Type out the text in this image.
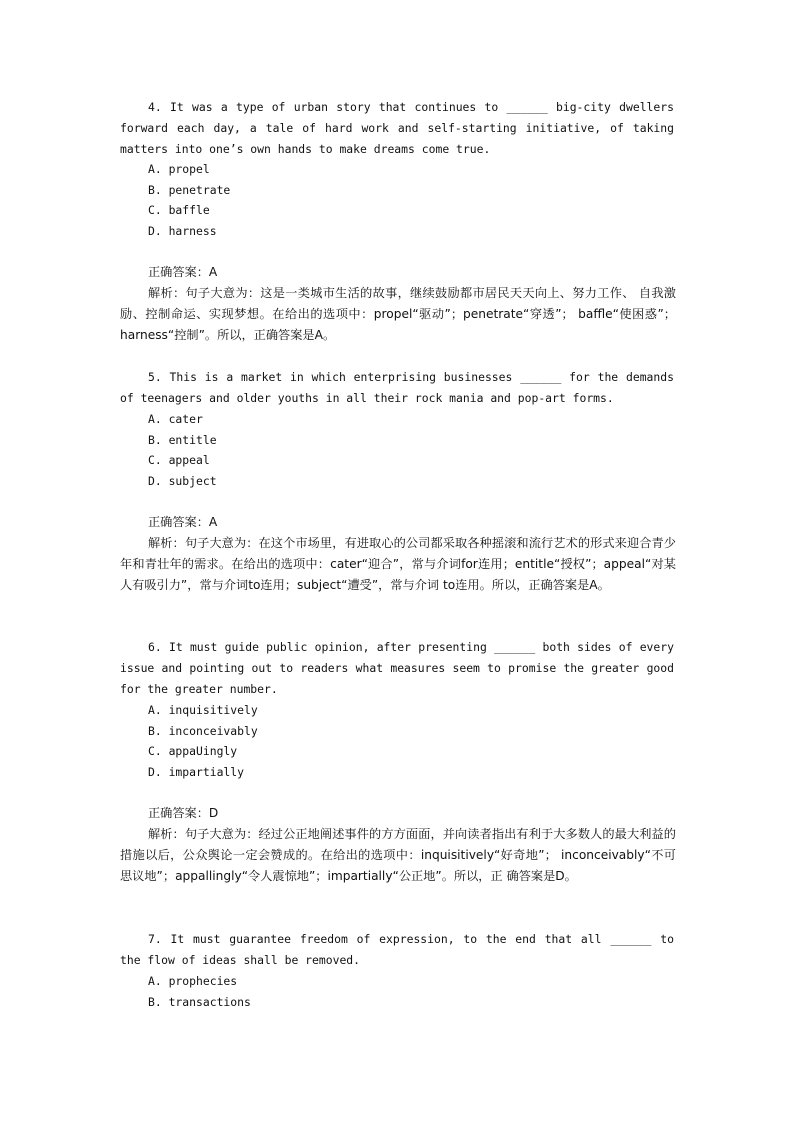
4. It was a type of urban story that continues to ______ big-city dwellers forward each day, a tale of hard work and self-starting initiative, of taking matters into one’s own hands to make dreams come true.
A. propel
B. penetrate
C. baffle
D. harness
正确答案：A
解析：句子大意为：这是一类城市生活的故事，继续鼓励都市居民天天向上、努力工作、 自我激励、控制命运、实现梦想。在给出的选项中：propel“驱动”；penetrate“穿透”； baffle“使困惑”；harness“控制”。所以，正确答案是A。
5. This is a market in which enterprising businesses ______ for the demands of teenagers and older youths in all their rock mania and pop-art forms.
A. cater
B. entitle
C. appeal
D. subject
正确答案：A
解析：句子大意为：在这个市场里，有进取心的公司都采取各种摇滚和流行艺术的形式来迎合青少年和青壮年的需求。在给出的选项中：cater“迎合”，常与介词for连用；entitle“授权”；appeal“对某人有吸引力”，常与介词to连用；subject“遭受”，常与介词 to连用。所以，正确答案是A。
6. It must guide public opinion, after presenting ______ both sides of every issue and pointing out to readers what measures seem to promise the greater good for the greater number.
A. inquisitively
B. inconceivably
C. appaUingly
D. impartially
正确答案：D
解析：句子大意为：经过公正地阐述事件的方方面面，并向读者指出有利于大多数人的最大利益的措施以后，公众舆论一定会赞成的。在给出的选项中：inquisitively“好奇地”； inconceivably“不可思议地”；appallingly“令人震惊地”；impartially“公正地”。所以，正 确答案是D。
7. It must guarantee freedom of expression, to the end that all ______ to the flow of ideas shall be removed.
A. prophecies
B. transactions
